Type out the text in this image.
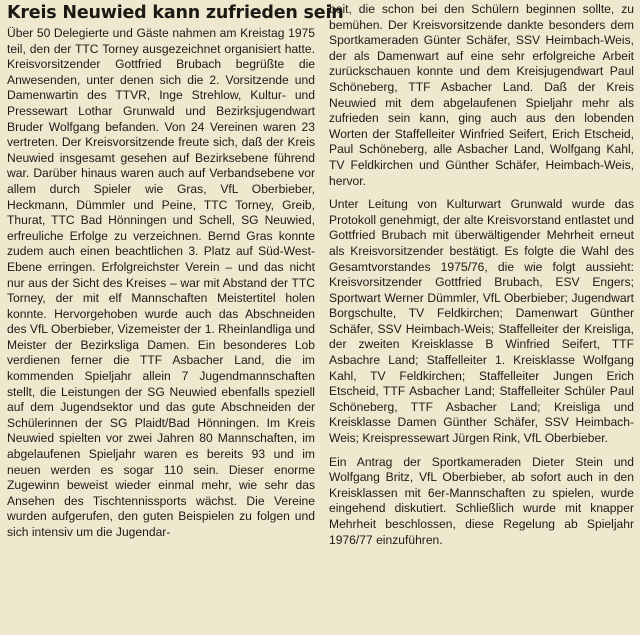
Kreis Neuwied kann zufrieden sein

Über 50 Delegierte und Gäste nahmen am Kreistag 1975 teil, den der TTC Torney ausgezeichnet organisiert hatte. Kreisvorsitzender Gottfried Brubach begrüßte die Anwesenden, unter denen sich die 2. Vorsitzende und Damenwartin des TTVR, Inge Strehlow, Kultur- und Pressewart Lothar Grunwald und Bezirksjugendwart Bruder Wolfgang befanden. Von 24 Vereinen waren 23 vertreten. Der Kreisvorsitzende freute sich, daß der Kreis Neuwied insgesamt gesehen auf Bezirksebene führend war. Darüber hinaus waren auch auf Verbandsebene vor allem durch Spieler wie Gras, VfL Oberbieber, Heckmann, Dümmler und Peine, TTC Torney, Greib, Thurat, TTC Bad Hönningen und Schell, SG Neuwied, erfreuliche Erfolge zu verzeichnen. Bernd Gras konnte zudem auch einen beachtlichen 3. Platz auf Süd-West-Ebene erringen. Erfolgreichster Verein – und das nicht nur aus der Sicht des Kreises – war mit Abstand der TTC Torney, der mit elf Mannschaften Meistertitel holen konnte. Hervorgehoben wurde auch das Abschneiden des VfL Oberbieber, Vizemeister der 1. Rheinlandliga und Meister der Bezirksliga Damen. Ein besonderes Lob verdienen ferner die TTF Asbacher Land, die im kommenden Spieljahr allein 7 Jugendmannschaften stellt, die Leistungen der SG Neuwied ebenfalls speziell auf dem Jugendsektor und das gute Abschneiden der Schülerinnen der SG Plaidt/Bad Hönningen. Im Kreis Neuwied spielten vor zwei Jahren 80 Mannschaften, im abgelaufenen Spieljahr waren es bereits 93 und im neuen werden es sogar 110 sein. Dieser enorme Zugewinn beweist wieder einmal mehr, wie sehr das Ansehen des Tischtennissports wächst. Die Vereine wurden aufgerufen, den guten Beispielen zu folgen und sich intensiv um die Jugendar-

beit, die schon bei den Schülern beginnen sollte, zu bemühen. Der Kreisvorsitzende dankte besonders dem Sportkameraden Günter Schäfer, SSV Heimbach-Weis, der als Damenwart auf eine sehr erfolgreiche Arbeit zurückschauen konnte und dem Kreisjugendwart Paul Schöneberg, TTF Asbacher Land. Daß der Kreis Neuwied mit dem abgelaufenen Spieljahr mehr als zufrieden sein kann, ging auch aus den lobenden Worten der Staffelleiter Winfried Seifert, Erich Etscheid, Paul Schöneberg, alle Asbacher Land, Wolfgang Kahl, TV Feldkirchen und Günther Schäfer, Heimbach-Weis, hervor.

Unter Leitung von Kulturwart Grunwald wurde das Protokoll genehmigt, der alte Kreisvorstand entlastet und Gottfried Brubach mit überwältigender Mehrheit erneut als Kreisvorsitzender bestätigt. Es folgte die Wahl des Gesamtvorstandes 1975/76, die wie folgt aussieht: Kreisvorsitzender Gottfried Brubach, ESV Engers; Sportwart Werner Dümmler, VfL Oberbieber; Jugendwart Borgschulte, TV Feldkirchen; Damenwart Günther Schäfer, SSV Heimbach-Weis; Staffelleiter der Kreisliga, der zweiten Kreisklasse B Winfried Seifert, TTF Asbachre Land; Staffelleiter 1. Kreisklasse Wolfgang Kahl, TV Feldkirchen; Staffelleiter Jungen Erich Etscheid, TTF Asbacher Land; Staffelleiter Schüler Paul Schöneberg, TTF Asbacher Land; Kreisliga und Kreisklasse Damen Günther Schäfer, SSV Heimbach-Weis; Kreispressewart Jürgen Rink, VfL Oberbieber.

Ein Antrag der Sportkameraden Dieter Stein und Wolfgang Britz, VfL Oberbieber, ab sofort auch in den Kreisklassen mit 6er-Mannschaften zu spielen, wurde eingehend diskutiert. Schließlich wurde mit knapper Mehrheit beschlossen, diese Regelung ab Spieljahr 1976/77 einzuführen.
